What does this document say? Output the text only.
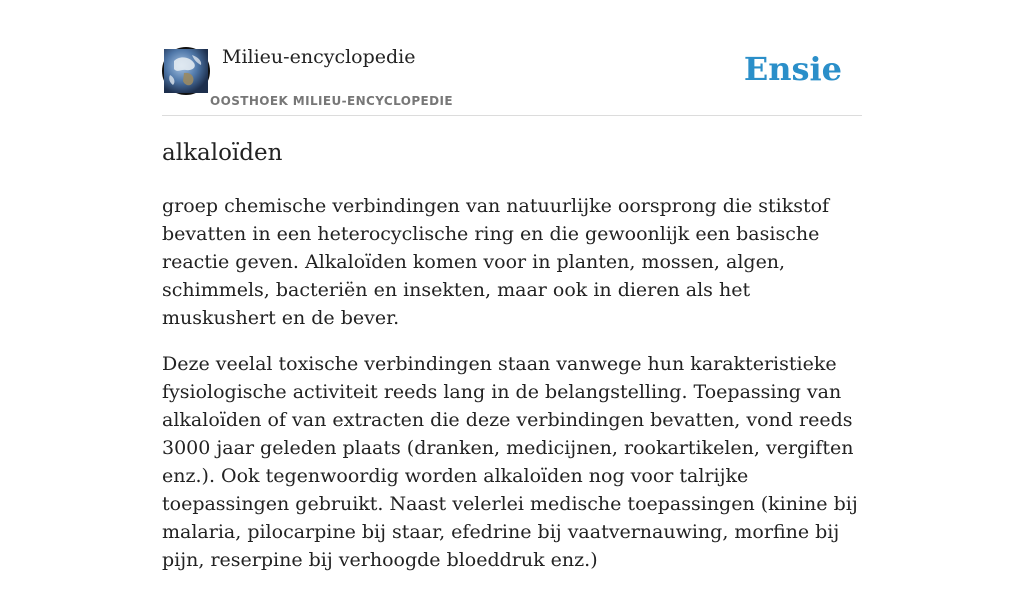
Milieu-encyclopedie
OOSTHOEK MILIEU-ENCYCLOPEDIE
Ensie
alkaloïden

groep chemische verbindingen van natuurlijke oorsprong die stikstof bevatten in een heterocyclische ring en die gewoonlijk een basische reactie geven. Alkaloïden komen voor in planten, mossen, algen, schimmels, bacteriën en insekten, maar ook in dieren als het muskushert en de bever.

Deze veelal toxische verbindingen staan vanwege hun karakteristieke fysiologische activiteit reeds lang in de belangstelling. Toepassing van alkaloïden of van extracten die deze verbindingen bevatten, vond reeds 3000 jaar geleden plaats (dranken, medicijnen, rookartikelen, vergiften enz.). Ook tegenwoordig worden alkaloïden nog voor talrijke toepassingen gebruikt. Naast velerlei medische toepassingen (kinine bij malaria, pilocarpine bij staar, efedrine bij vaatvernauwing, morfine bij pijn, reserpine bij verhoogde bloeddruk enz.)
